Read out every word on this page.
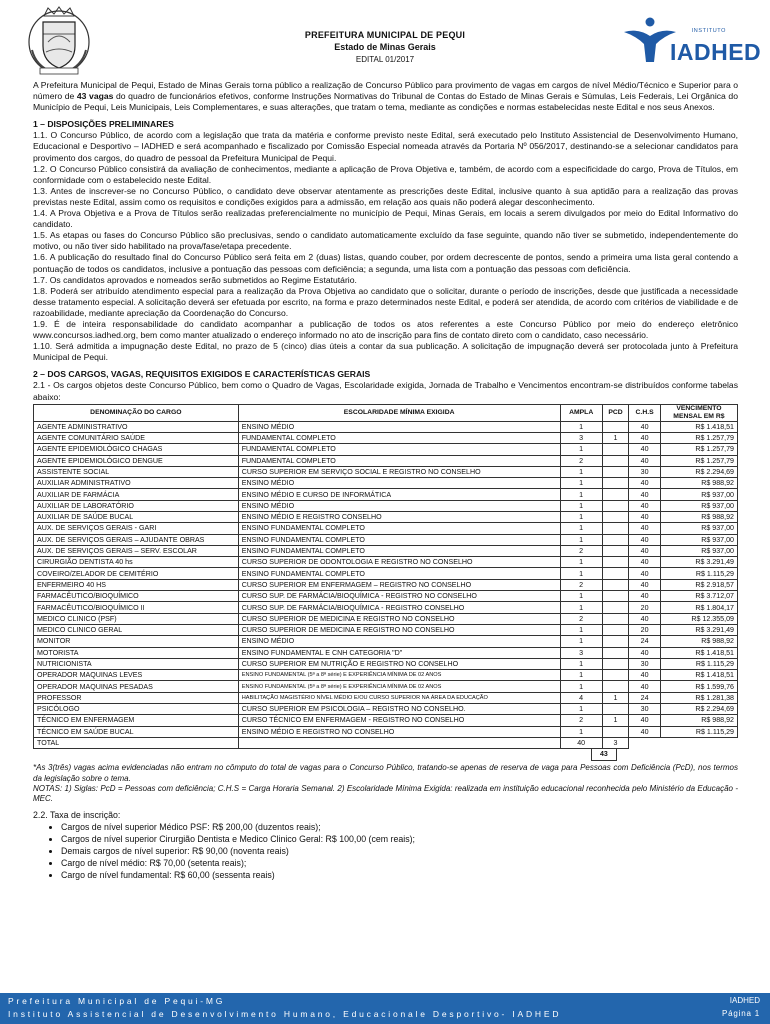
PREFEITURA MUNICIPAL DE PEQUI
Estado de Minas Gerais
EDITAL 01/2017
INSTITUTO
IADHED

A Prefeitura Municipal de Pequi, Estado de Minas Gerais torna público a realização de Concurso Público para provimento de vagas em cargos de nível Médio/Técnico e Superior para o número de 43 vagas do quadro de funcionários efetivos, conforme Instruções Normativas do Tribunal de Contas do Estado de Minas Gerais e Súmulas, Leis Federais, Lei Orgânica do Município de Pequi, Leis Municipais, Leis Complementares, e suas alterações, que tratam o tema, mediante as condições e normas estabelecidas neste Edital e nos seus Anexos.

1 – DISPOSIÇÕES PRELIMINARES

1.1. O Concurso Público, de acordo com a legislação que trata da matéria e conforme previsto neste Edital, será executado pelo Instituto Assistencial de Desenvolvimento Humano, Educacional e Desportivo – IADHED e será acompanhado e fiscalizado por Comissão Especial nomeada através da Portaria Nº 056/2017, destinando-se a selecionar candidatos para provimento dos cargos, do quadro de pessoal da Prefeitura Municipal de Pequi.

1.2. O Concurso Público consistirá da avaliação de conhecimentos, mediante a aplicação de Prova Objetiva e, também, de acordo com a especificidade do cargo, Prova de Títulos, em conformidade com o estabelecido neste Edital.

1.3. Antes de inscrever-se no Concurso Público, o candidato deve observar atentamente as prescrições deste Edital, inclusive quanto à sua aptidão para a realização das provas previstas neste Edital, assim como os requisitos e condições exigidos para a admissão, em relação aos quais não poderá alegar desconhecimento.

1.4. A Prova Objetiva e a Prova de Títulos serão realizadas preferencialmente no município de Pequi, Minas Gerais, em locais a serem divulgados por meio do Edital Informativo do candidato.

1.5. As etapas ou fases do Concurso Público são preclusivas, sendo o candidato automaticamente excluído da fase seguinte, quando não tiver se submetido, independentemente do motivo, ou não tiver sido habilitado na prova/fase/etapa precedente.

1.6. A publicação do resultado final do Concurso Público será feita em 2 (duas) listas, quando couber, por ordem decrescente de pontos, sendo a primeira uma lista geral contendo a pontuação de todos os candidatos, inclusive a pontuação das pessoas com deficiência; a segunda, uma lista com a pontuação das pessoas com deficiência.

1.7. Os candidatos aprovados e nomeados serão submetidos ao Regime Estatutário.

1.8. Poderá ser atribuído atendimento especial para a realização da Prova Objetiva ao candidato que o solicitar, durante o período de inscrições, desde que justificada a necessidade desse tratamento especial. A solicitação deverá ser efetuada por escrito, na forma e prazo determinados neste Edital, e poderá ser atendida, de acordo com critérios de viabilidade e de razoabilidade, mediante apreciação da Coordenação do Concurso.

1.9. É de inteira responsabilidade do candidato acompanhar a publicação de todos os atos referentes a este Concurso Público por meio do endereço eletrônico www.concursos.iadhed.org, bem como manter atualizado o endereço informado no ato de inscrição para fins de contato direto com o candidato, caso necessário.

1.10. Será admitida a impugnação deste Edital, no prazo de 5 (cinco) dias úteis a contar da sua publicação. A solicitação de impugnação deverá ser protocolada junto à Prefeitura Municipal de Pequi.

2 – DOS CARGOS, VAGAS, REQUISITOS EXIGIDOS E CARACTERÍSTICAS GERAIS

2.1 - Os cargos objetos deste Concurso Público, bem como o Quadro de Vagas, Escolaridade exigida, Jornada de Trabalho e Vencimentos encontram-se distribuídos conforme tabelas abaixo:

DENOMINAÇÃO DO CARGO	ESCOLARIDADE MÍNIMA EXIGIDA	AMPLA	PCD	C.H.S	VENCIMENTO MENSAL EM R$
AGENTE ADMINISTRATIVO	ENSINO MÉDIO	1		40	R$ 1.418,51
AGENTE COMUNITÁRIO SAÚDE	FUNDAMENTAL COMPLETO	3	1	40	R$ 1.257,79
AGENTE EPIDEMIOLÓGICO CHAGAS	FUNDAMENTAL COMPLETO	1		40	R$ 1.257,79
AGENTE EPIDEMIOLÓGICO DENGUE	FUNDAMENTAL COMPLETO	2		40	R$ 1.257,79
ASSISTENTE SOCIAL	CURSO SUPERIOR EM SERVIÇO SOCIAL E REGISTRO NO CONSELHO	1		30	R$ 2.294,69
AUXILIAR ADMINISTRATIVO	ENSINO MÉDIO	1		40	R$ 988,92
AUXILIAR DE FARMÁCIA	ENSINO MÉDIO E CURSO DE INFORMÁTICA	1		40	R$ 937,00
AUXILIAR DE LABORATÓRIO	ENSINO MÉDIO	1		40	R$ 937,00
AUXILIAR DE SAÚDE BUCAL	ENSINO MÉDIO E REGISTRO CONSELHO	1		40	R$ 988,92
AUX. DE SERVIÇOS GERAIS - GARI	ENSINO FUNDAMENTAL COMPLETO	1		40	R$ 937,00
AUX. DE SERVIÇOS GERAIS – AJUDANTE OBRAS	ENSINO FUNDAMENTAL COMPLETO	1		40	R$ 937,00
AUX. DE SERVIÇOS GERAIS – SERV. ESCOLAR	ENSINO FUNDAMENTAL COMPLETO	2		40	R$ 937,00
CIRURGIÃO DENTISTA 40 hs	CURSO SUPERIOR DE ODONTOLOGIA E REGISTRO NO CONSELHO	1		40	R$ 3.291,49
COVEIRO/ZELADOR DE CEMITÉRIO	ENSINO FUNDAMENTAL COMPLETO	1		40	R$ 1.115,29
ENFERMEIRO 40 HS	CURSO SUPERIOR EM ENFERMAGEM – REGISTRO NO CONSELHO	2		40	R$ 2.918,57
FARMACÊUTICO/BIOQUÍMICO	CURSO SUP. DE FARMÁCIA/BIOQUÍMICA - REGISTRO NO CONSELHO	1		40	R$ 3.712,07
FARMACÊUTICO/BIOQUÍMICO II	CURSO SUP. DE FARMÁCIA/BIOQUÍMICA - REGISTRO CONSELHO	1		20	R$ 1.804,17
MEDICO CLINICO (PSF)	CURSO SUPERIOR DE MEDICINA E REGISTRO NO CONSELHO	2		40	R$ 12.355,09
MEDICO CLINICO GERAL	CURSO SUPERIOR DE MEDICINA E REGISTRO NO CONSELHO	1		20	R$ 3.291,49
MONITOR	ENSINO MÉDIO	1		24	R$ 988,92
MOTORISTA	ENSINO FUNDAMENTAL E CNH CATEGORIA "D"	3		40	R$ 1.418,51
NUTRICIONISTA	CURSO SUPERIOR EM NUTRIÇÃO E REGISTRO NO CONSELHO	1		30	R$ 1.115,29
OPERADOR MAQUINAS LEVES	ENSINO FUNDAMENTAL (5ª a 8ª série) E EXPERIÊNCIA MÍNIMA DE 02 ANOS	1		40	R$ 1.418,51
OPERADOR MAQUINAS PESADAS	ENSINO FUNDAMENTAL (5ª a 8ª série) E EXPERIÊNCIA MÍNIMA DE 02 ANOS	1		40	R$ 1.599,76
PROFESSOR	HABILITAÇÃO MAGISTÉRIO NÍVEL MÉDIO E/OU CURSO SUPERIOR NA ÁREA DA EDUCAÇÃO	4	1	24	R$ 1.281,38
PSICÓLOGO	CURSO SUPERIOR EM PSICOLOGIA – REGISTRO NO CONSELHO.	1		30	R$ 2.294,69
TÉCNICO EM ENFERMAGEM	CURSO TÉCNICO EM ENFERMAGEM - REGISTRO NO CONSELHO	2	1	40	R$ 988,92
TÉCNICO EM SAÚDE BUCAL	ENSINO MÉDIO E REGISTRO NO CONSELHO	1		40	R$ 1.115,29
TOTAL		40	3		
43

*As 3(três) vagas acima evidenciadas não entram no cômputo do total de vagas para o Concurso Público, tratando-se apenas de reserva de vaga para Pessoas com Deficiência (PcD), nos termos da legislação sobre o tema.

NOTAS: 1) Siglas: PcD = Pessoas com deficiência; C.H.S = Carga Horaria Semanal. 2) Escolaridade Mínima Exigida: realizada em instituição educacional reconhecida pelo Ministério da Educação - MEC.

2.2. Taxa de inscrição:
• Cargos de nível superior Médico PSF: R$ 200,00 (duzentos reais);
• Cargos de nível superior Cirurgião Dentista e Medico Clinico Geral: R$ 100,00 (cem reais);
• Demais cargos de nível superior: R$ 90,00 (noventa reais)
• Cargo de nível médio: R$ 70,00 (setenta reais);
• Cargo de nível fundamental: R$ 60,00 (sessenta reais)
Prefeitura Municipal de Pequi-MG
Instituto Assistencial de Desenvolvimento Humano, Educacionale Desportivo- IADHED
IADHED
Página 1
